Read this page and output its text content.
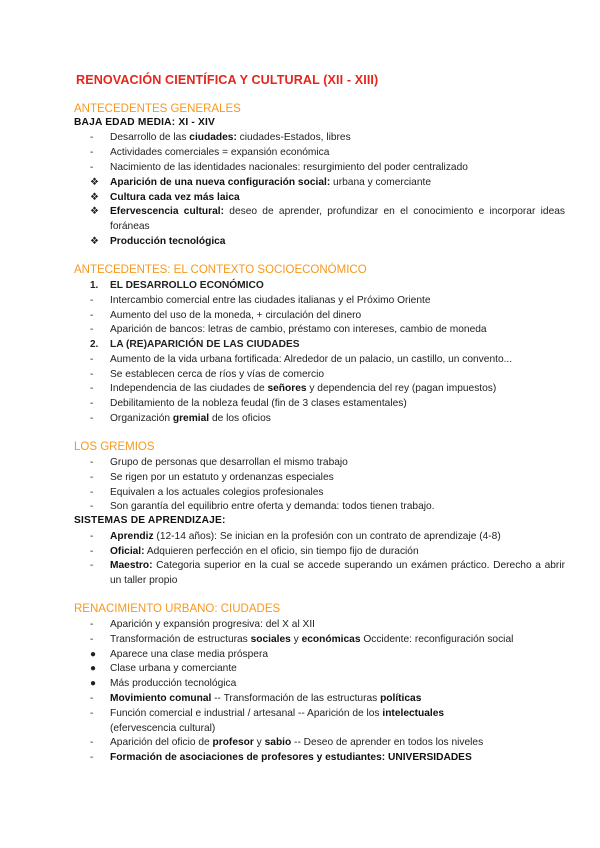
RENOVACIÓN CIENTÍFICA Y CULTURAL (XII - XIII)
ANTECEDENTES GENERALES
BAJA EDAD MEDIA: XI - XIV
-	Desarrollo de las ciudades: ciudades-Estados, libres
-	Actividades comerciales = expansión económica
-	Nacimiento de las identidades nacionales: resurgimiento del poder centralizado
❖	Aparición de una nueva configuración social: urbana y comerciante
❖	Cultura cada vez más laica
❖	Efervescencia cultural: deseo de aprender, profundizar en el conocimiento e incorporar ideas foráneas
❖	Producción tecnológica
ANTECEDENTES: EL CONTEXTO SOCIOECONÓMICO
1.	EL DESARROLLO ECONÓMICO
-	Intercambio comercial entre las ciudades italianas y el Próximo Oriente
-	Aumento del uso de la moneda, + circulación del dinero
-	Aparición de bancos: letras de cambio, préstamo con intereses, cambio de moneda
2.	LA (RE)APARICIÓN DE LAS CIUDADES
-	Aumento de la vida urbana fortificada: Alrededor de un palacio, un castillo, un convento...
-	Se establecen cerca de ríos y vías de comercio
-	Independencia de las ciudades de señores y dependencia del rey (pagan impuestos)
-	Debilitamiento de la nobleza feudal (fin de 3 clases estamentales)
-	Organización gremial de los oficios
LOS GREMIOS
-	Grupo de personas que desarrollan el mismo trabajo
-	Se rigen por un estatuto y ordenanzas especiales
-	Equivalen a los actuales colegios profesionales
-	Son garantía del equilibrio entre oferta y demanda: todos tienen trabajo.
SISTEMAS DE APRENDIZAJE:
-	Aprendiz (12-14 años): Se inician en la profesión con un contrato de aprendizaje (4-8)
-	Oficial: Adquieren perfección en el oficio, sin tiempo fijo de duración
-	Maestro: Categoria superior en la cual se accede superando un exámen práctico. Derecho a abrir un taller propio
RENACIMIENTO URBANO: CIUDADES
-	Aparición y expansión progresiva: del X al XII
-	Transformación de estructuras sociales y económicas Occidente: reconfiguración social
●	Aparece una clase media próspera
●	Clase urbana y comerciante
●	Más producción tecnológica
-	Movimiento comunal -- Transformación de las estructuras políticas
-	Función comercial e industrial / artesanal -- Aparición de los intelectuales (efervescencia cultural)
-	Aparición del oficio de profesor y sabio -- Deseo de aprender en todos los niveles
-	Formación de asociaciones de profesores y estudiantes: UNIVERSIDADES
